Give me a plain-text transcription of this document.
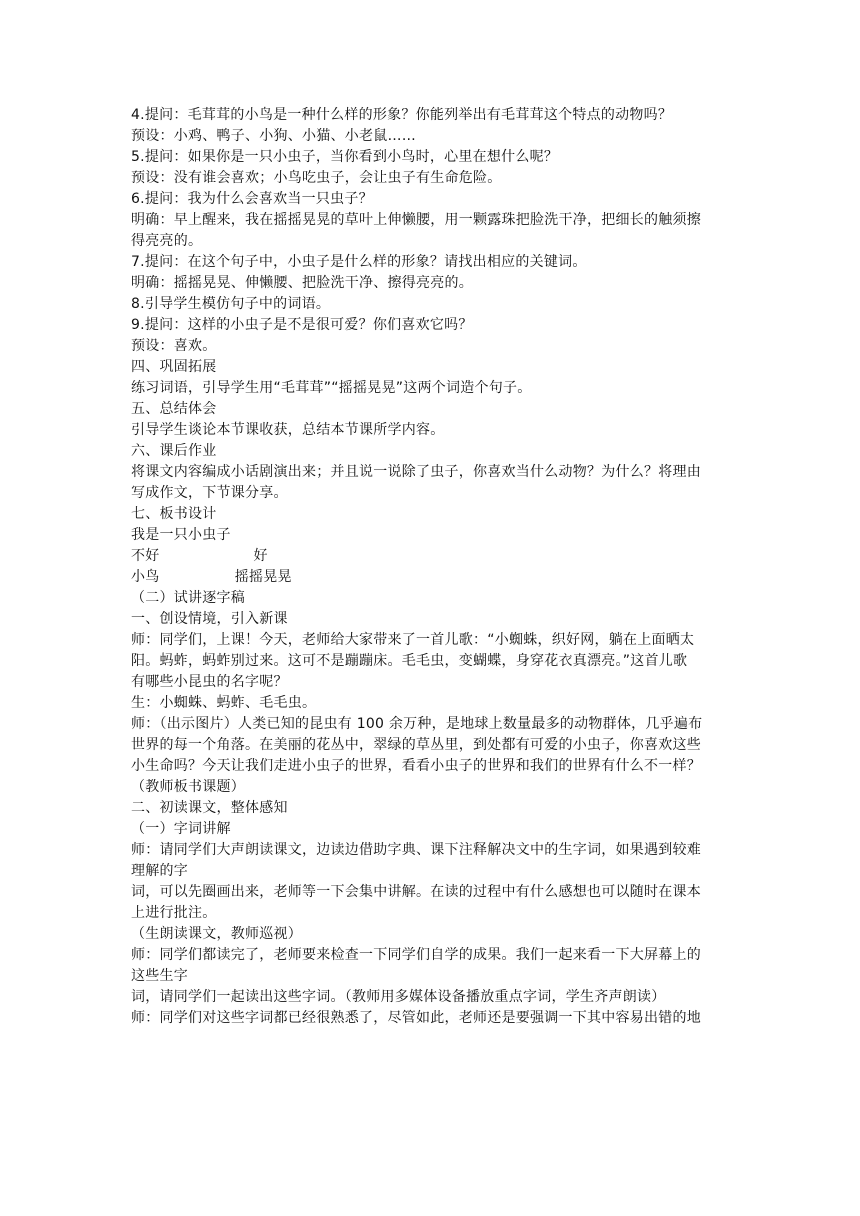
4.提问：毛茸茸的小鸟是一种什么样的形象？你能列举出有毛茸茸这个特点的动物吗？
预设：小鸡、鸭子、小狗、小猫、小老鼠……
5.提问：如果你是一只小虫子，当你看到小鸟时，心里在想什么呢？
预设：没有谁会喜欢；小鸟吃虫子，会让虫子有生命危险。
6.提问：我为什么会喜欢当一只虫子？
明确：早上醒来，我在摇摇晃晃的草叶上伸懒腰，用一颗露珠把脸洗干净，把细长的触须擦
得亮亮的。
7.提问：在这个句子中，小虫子是什么样的形象？请找出相应的关键词。
明确：摇摇晃晃、伸懒腰、把脸洗干净、擦得亮亮的。
8.引导学生模仿句子中的词语。
9.提问：这样的小虫子是不是很可爱？你们喜欢它吗？
预设：喜欢。
四、巩固拓展
练习词语，引导学生用“毛茸茸”“摇摇晃晃”这两个词造个句子。
五、总结体会
引导学生谈论本节课收获，总结本节课所学内容。
六、课后作业
将课文内容编成小话剧演出来；并且说一说除了虫子，你喜欢当什么动物？为什么？将理由
写成作文，下节课分享。
七、板书设计
我是一只小虫子
不好                    好
小鸟                摇摇晃晃
（二）试讲逐字稿
一、创设情境，引入新课
师：同学们，上课！今天，老师给大家带来了一首儿歌：“小蜘蛛，织好网，躺在上面晒太
阳。蚂蚱，蚂蚱别过来。这可不是蹦蹦床。毛毛虫，变蝴蝶，身穿花衣真漂亮。”这首儿歌
有哪些小昆虫的名字呢？
生：小蜘蛛、蚂蚱、毛毛虫。
师：（出示图片）人类已知的昆虫有 100 余万种，是地球上数量最多的动物群体，几乎遍布
世界的每一个角落。在美丽的花丛中，翠绿的草丛里，到处都有可爱的小虫子，你喜欢这些
小生命吗？今天让我们走进小虫子的世界，看看小虫子的世界和我们的世界有什么不一样？
（教师板书课题）
二、初读课文，整体感知
（一）字词讲解
师：请同学们大声朗读课文，边读边借助字典、课下注释解决文中的生字词，如果遇到较难
理解的字
词，可以先圈画出来，老师等一下会集中讲解。在读的过程中有什么感想也可以随时在课本
上进行批注。
（生朗读课文，教师巡视）
师：同学们都读完了，老师要来检查一下同学们自学的成果。我们一起来看一下大屏幕上的
这些生字
词，请同学们一起读出这些字词。（教师用多媒体设备播放重点字词，学生齐声朗读）
师：同学们对这些字词都已经很熟悉了，尽管如此，老师还是要强调一下其中容易出错的地
